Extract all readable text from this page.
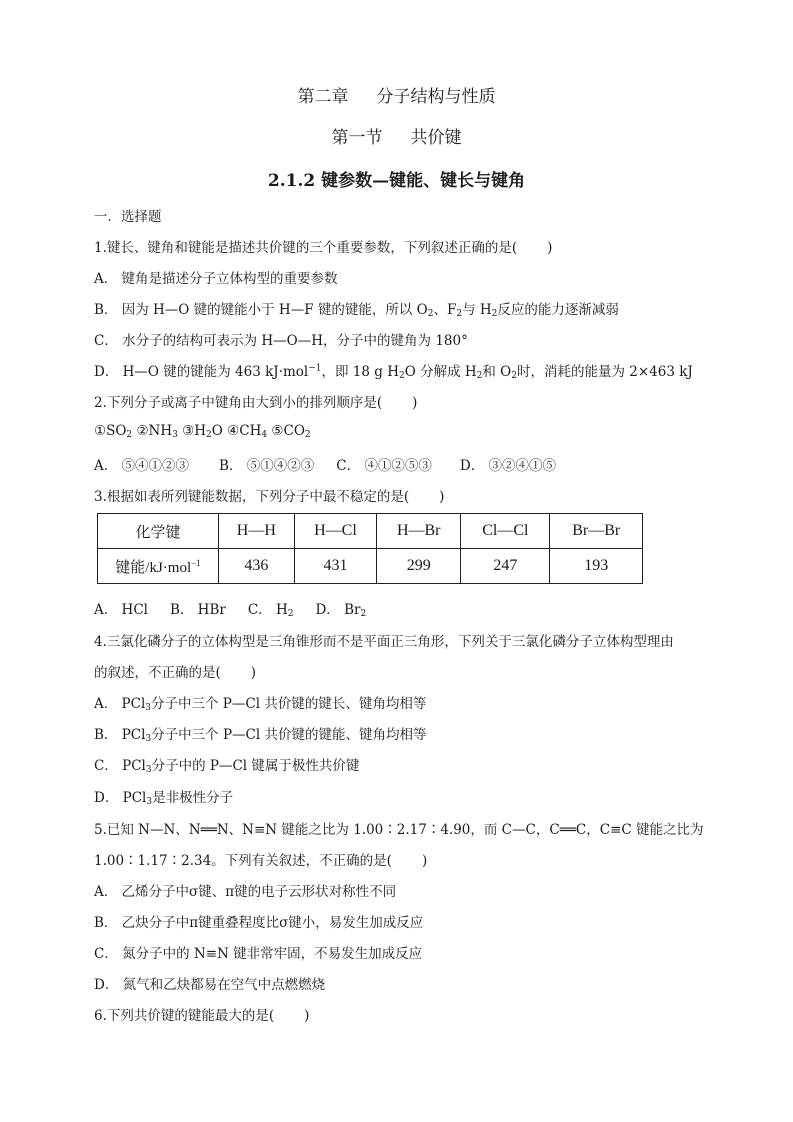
第二章 分子结构与性质
第一节 共价键
2.1.2 键参数—键能、键长与键角
一．选择题
1.键长、键角和键能是描述共价键的三个重要参数，下列叙述正确的是( )
A． 键角是描述分子立体构型的重要参数
B． 因为 H—O 键的键能小于 H—F 键的键能，所以 $O_2$、$F_2$与 $H_2$反应的能力逐渐减弱
C． 水分子的结构可表示为 H—O—H，分子中的键角为 180°
D． H—O 键的键能为 463 kJ·mol$^{-1}$，即 18 g $H_2O$ 分解成 $H_2$和 $O_2$时，消耗的能量为 2×463 kJ
2.下列分子或离子中键角由大到小的排列顺序是( )
$①SO_2$ $②NH_3$ $③H_2O$ $④CH_4$ $⑤CO_2$
A． ⑤④①②③ B． ⑤①④②③ C． ④①②⑤③ D． ③②④①⑤
3.根据如表所列键能数据，下列分子中最不稳定的是( )
化学键	H—H	H—Cl	H—Br	Cl—Cl	Br—Br
键能/kJ·mol$^{-1}$	436	431	299	247	193
A． HCl B． HBr C． $H_2$ D． $Br_2$
4.三氯化磷分子的立体构型是三角锥形而不是平面正三角形，下列关于三氯化磷分子立体构型理由
的叙述，不正确的是( )
A． PCl$_3$分子中三个 P—Cl 共价键的键长、键角均相等
B． PCl$_3$分子中三个 P—Cl 共价键的键能、键角均相等
C． PCl$_3$分子中的 P—Cl 键属于极性共价键
D． PCl$_3$是非极性分子
5.已知 N—N、N══N、N≡N 键能之比为 1.00∶2.17∶4.90，而 C—C，C══C，C≡C 键能之比为
1.00∶1.17∶2.34。下列有关叙述，不正确的是( )
A． 乙烯分子中σ键、π键的电子云形状对称性不同
B． 乙炔分子中π键重叠程度比σ键小，易发生加成反应
C． 氮分子中的 N≡N 键非常牢固，不易发生加成反应
D． 氮气和乙炔都易在空气中点燃燃烧
6.下列共价键的键能最大的是( )
